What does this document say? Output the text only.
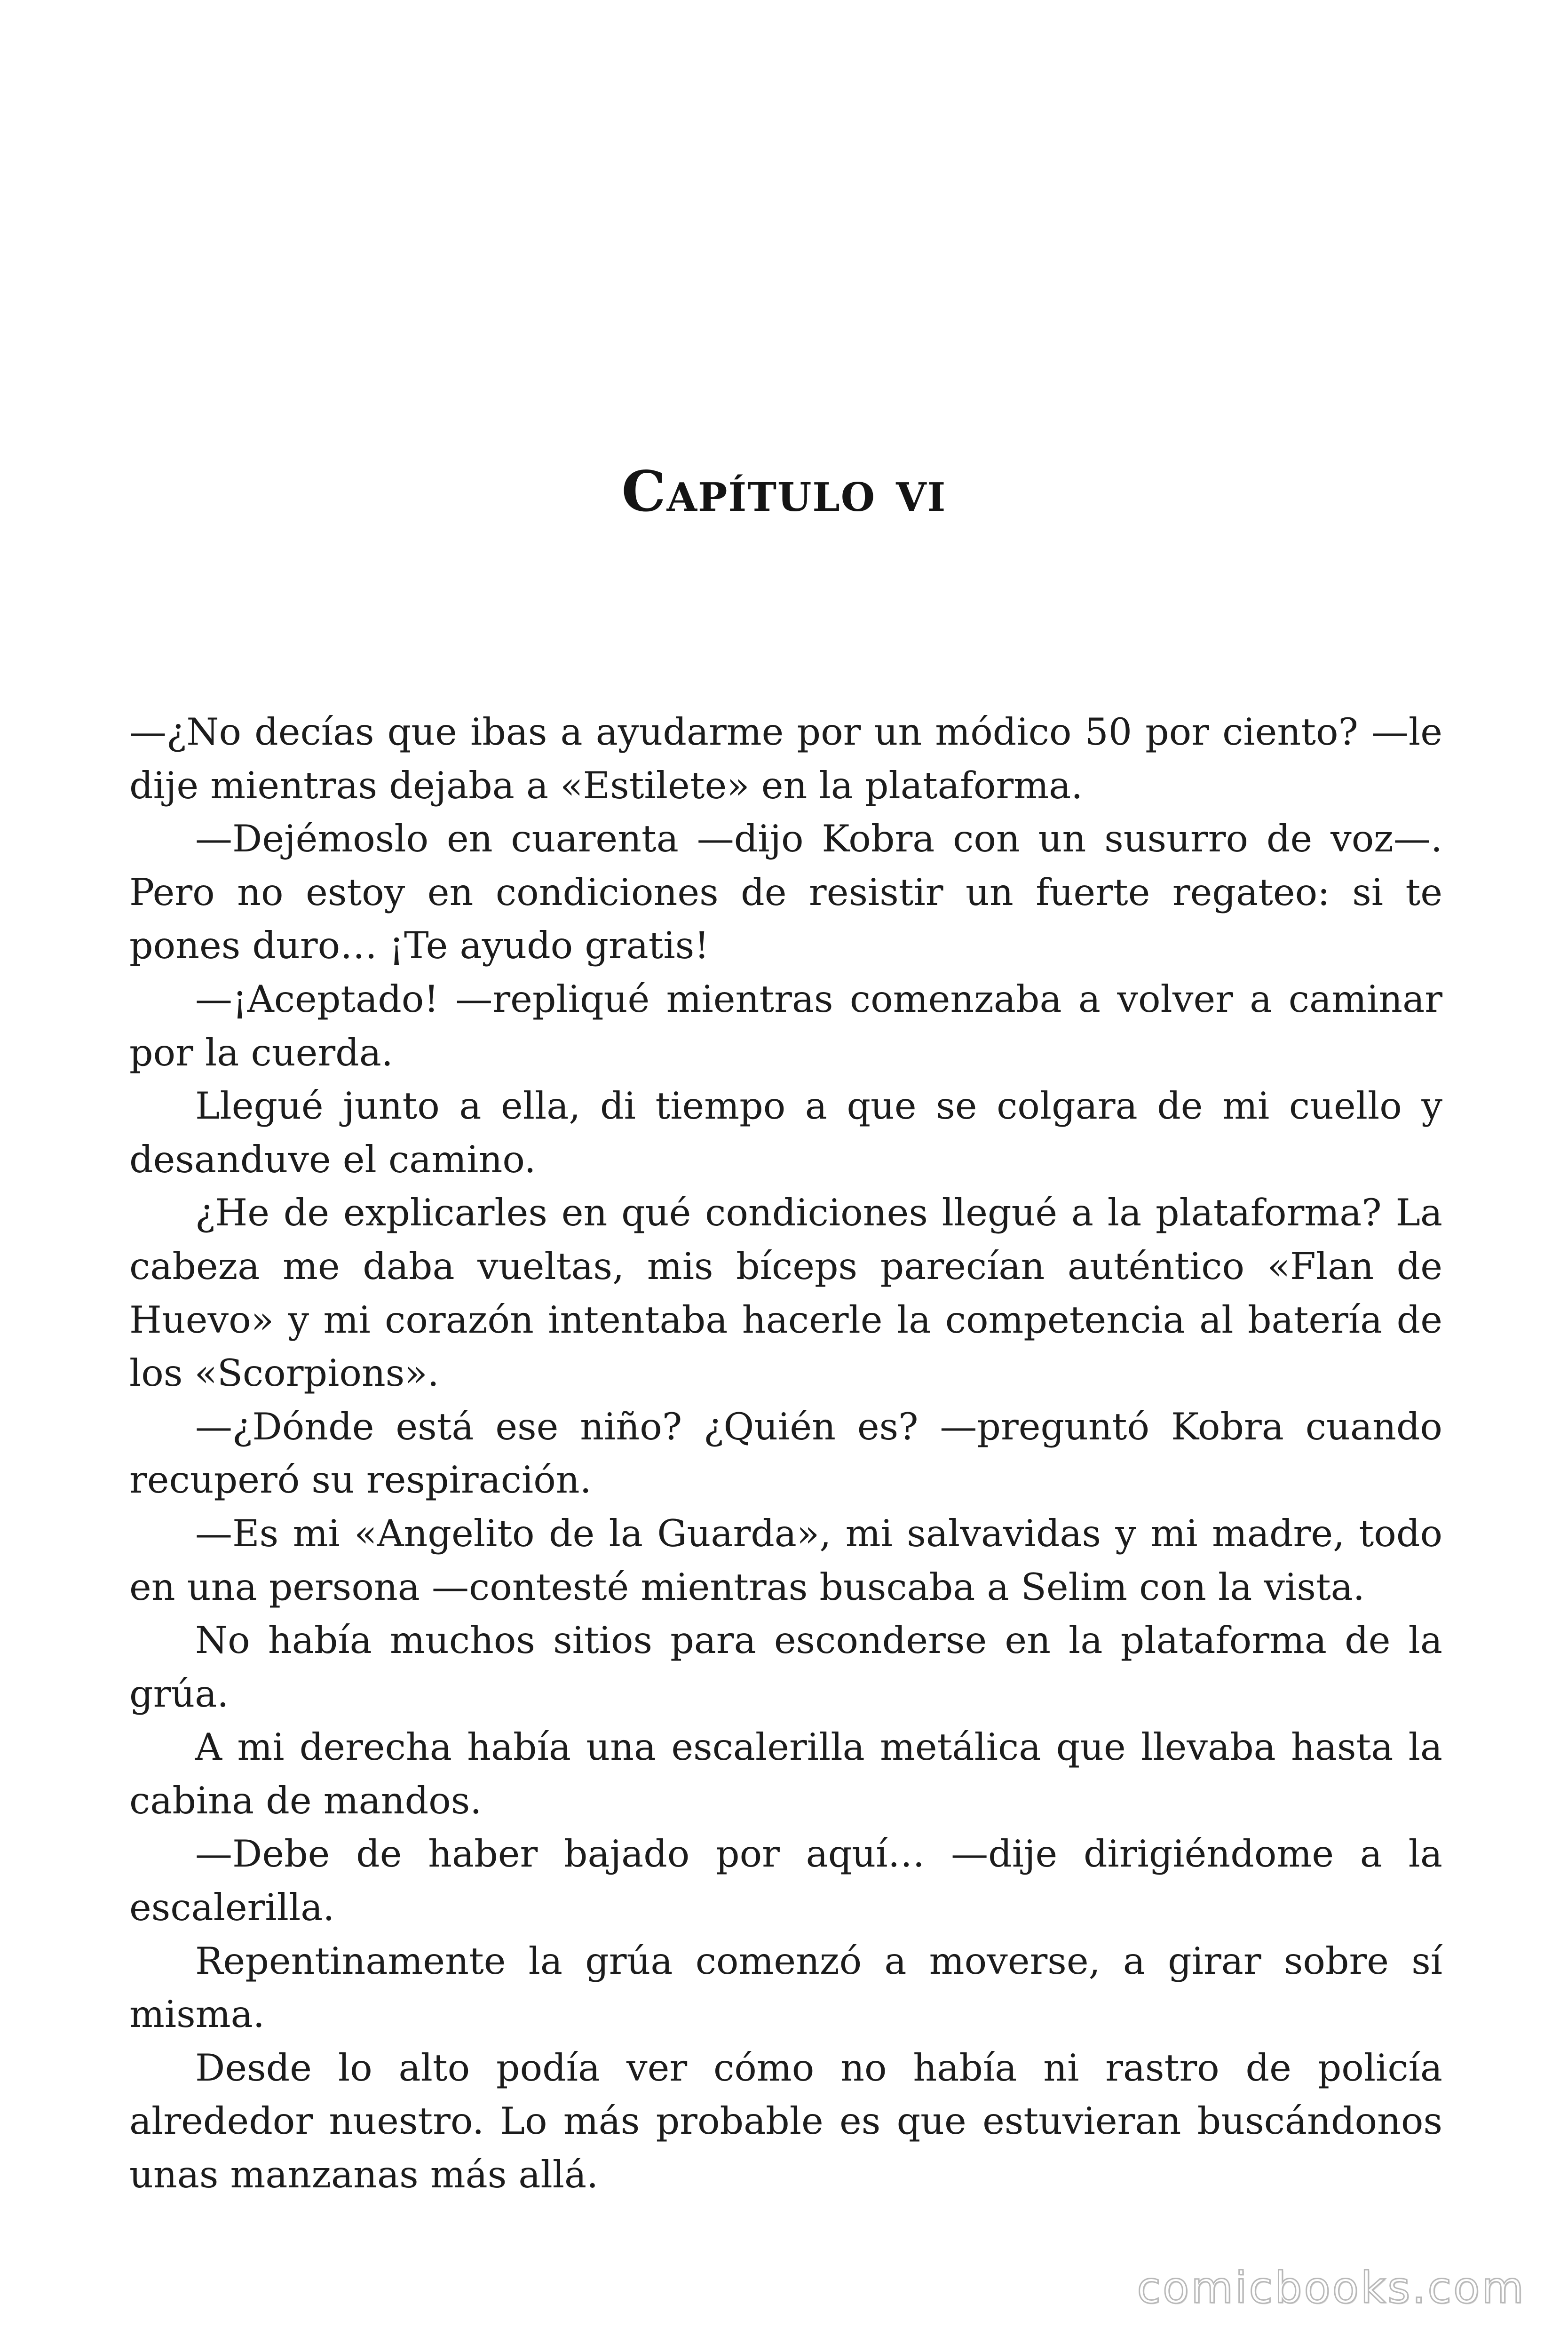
Capítulo vi

—¿No decías que ibas a ayudarme por un módico 50 por ciento? —le dije mientras dejaba a «Estilete» en la plataforma.

—Dejémoslo en cuarenta —dijo Kobra con un susurro de voz—. Pero no estoy en condiciones de resistir un fuerte regateo: si te pones duro… ¡Te ayudo gratis!

—¡Aceptado! —repliqué mientras comenzaba a volver a caminar por la cuerda.

Llegué junto a ella, di tiempo a que se colgara de mi cuello y desanduve el camino.

¿He de explicarles en qué condiciones llegué a la plataforma? La cabeza me daba vueltas, mis bíceps parecían auténtico «Flan de Huevo» y mi corazón intentaba hacerle la competencia al batería de los «Scorpions».

—¿Dónde está ese niño? ¿Quién es? —preguntó Kobra cuando recuperó su respiración.

—Es mi «Angelito de la Guarda», mi salvavidas y mi madre, todo en una persona —contesté mientras buscaba a Selim con la vista.

No había muchos sitios para esconderse en la plataforma de la grúa.

A mi derecha había una escalerilla metálica que llevaba hasta la cabina de mandos.

—Debe de haber bajado por aquí… —dije dirigiéndome a la escalerilla.

Repentinamente la grúa comenzó a moverse, a girar sobre sí misma.

Desde lo alto podía ver cómo no había ni rastro de policía alrededor nuestro. Lo más probable es que estuvieran buscándonos unas manzanas más allá.

comicbooks.com
